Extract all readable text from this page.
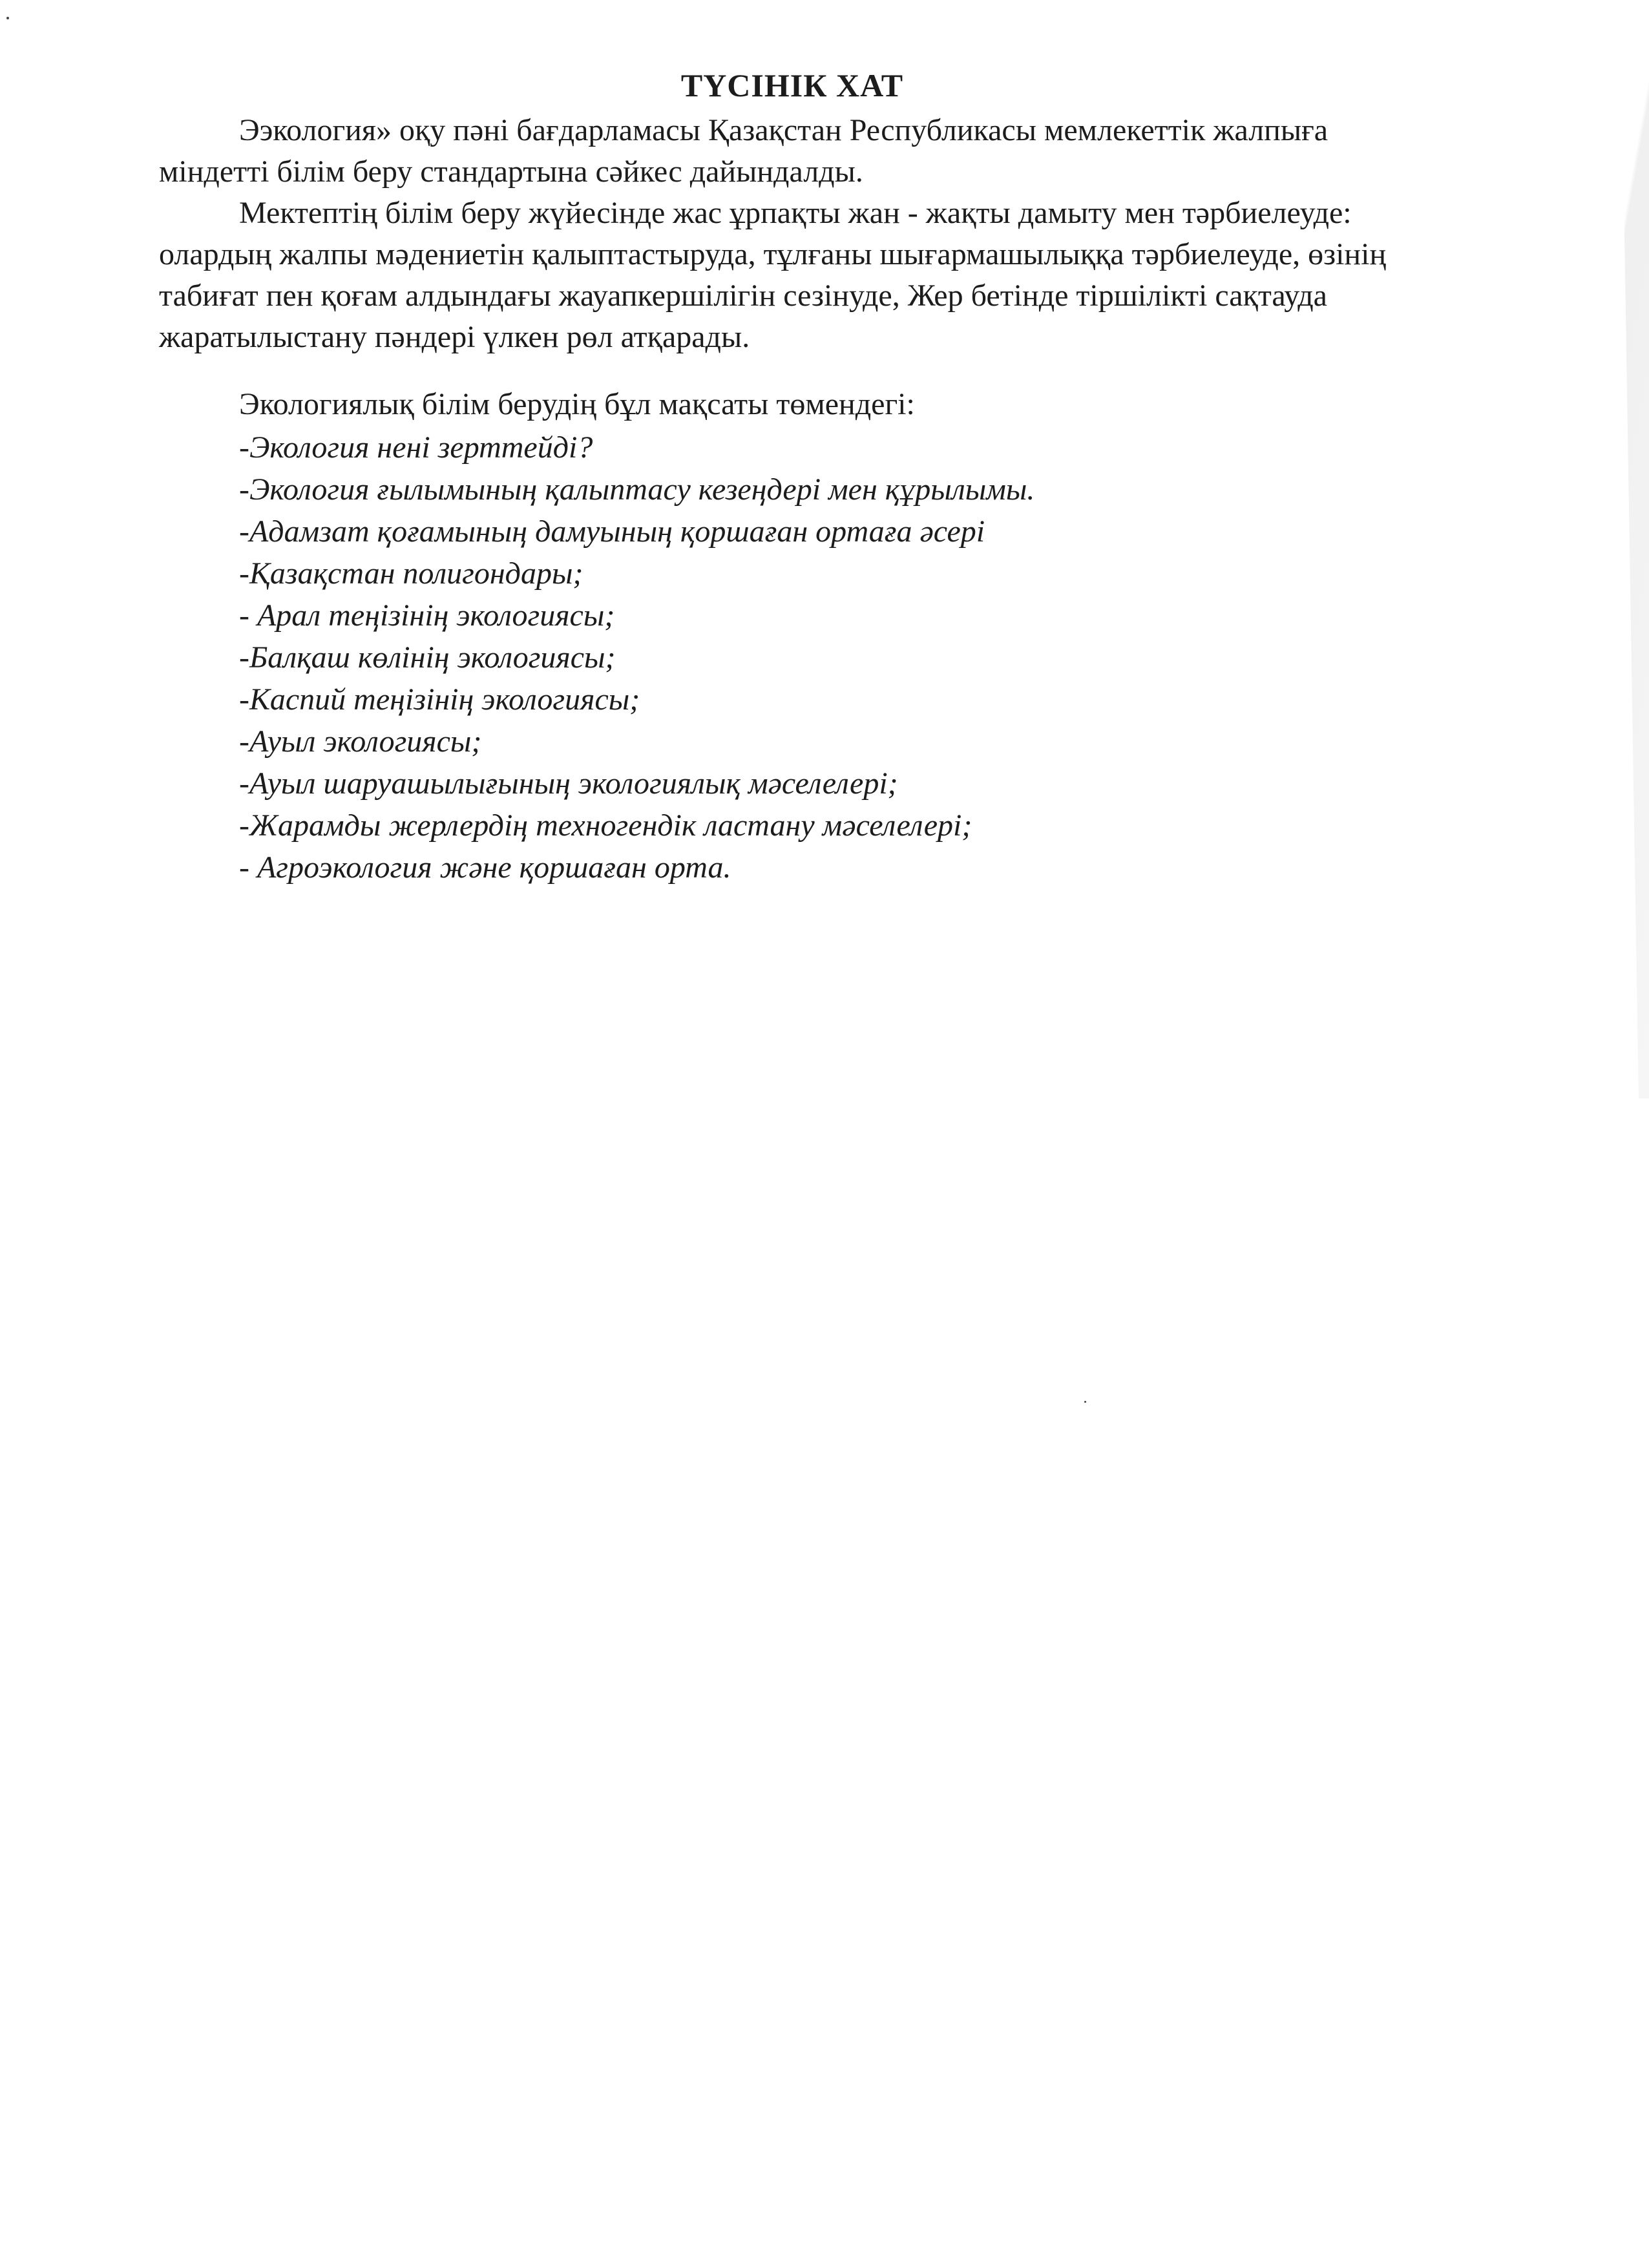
ТҮСІНІК ХАТ

Ээкология» оқу пәні бағдарламасы Қазақстан Республикасы мемлекеттік жалпыға міндетті білім беру стандартына сәйкес дайындалды.

Мектептің білім беру жүйесінде жас ұрпақты жан - жақты дамыту мен тәрбиелеуде: олардың жалпы мәдениетін қалыптастыруда, тұлғаны шығармашылыққа тәрбиелеуде, өзінің табиғат пен қоғам алдындағы жауапкершілігін сезінуде, Жер бетінде тіршілікті сақтауда жаратылыстану пәндері үлкен рөл атқарады.

Экологиялық білім берудің бұл мақсаты төмендегі:

-Экология нені зерттейді?
-Экология ғылымының қалыптасу кезеңдері мен құрылымы.
-Адамзат қоғамының дамуының қоршаған ортаға әсері
-Қазақстан полигондары;
- Арал теңізінің экологиясы;
-Балқаш көлінің экологиясы;
-Каспий теңізінің экологиясы;
-Ауыл экологиясы;
-Ауыл шаруашылығының экологиялық мәселелері;
-Жарамды жерлердің техногендік ластану мәселелері;
- Агроэкология және қоршаған орта.
